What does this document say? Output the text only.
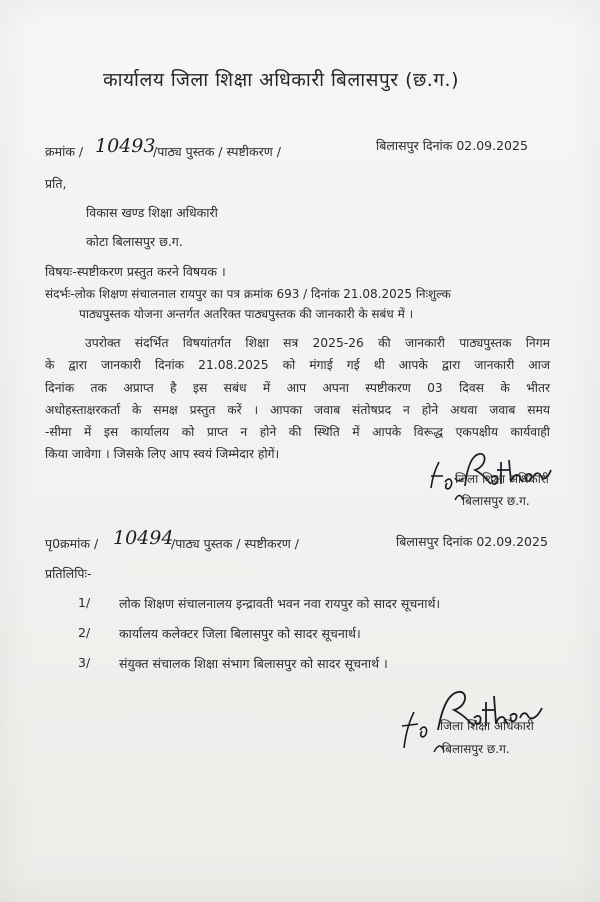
कार्यालय जिला शिक्षा अधिकारी बिलासपुर (छ.ग.)
क्रमांक / 10493
/पाठ्य पुस्तक / स्पष्टीकरण /	बिलासपुर दिनांक 02.09.2025
प्रति,
विकास खण्ड शिक्षा अधिकारी
कोटा बिलासपुर छ.ग.
विषयः-स्पष्टीकरण प्रस्तुत करने विषयक ।
संदर्भः-लोक शिक्षण संचालनाल रायपुर का पत्र क्रमांक 693 / दिनांक 21.08.2025 निःशुल्क
पाठ्यपुस्तक योजना अन्तर्गत अतरिक्त पाठ्यपुस्तक की जानकारी के सबंध में ।
उपरोक्त संदर्भित विषयांतर्गत शिक्षा सत्र 2025-26 की जानकारी पाठ्यपुस्तक निगम
के द्वारा जानकारी दिनांक 21.08.2025 को मंगाई गई थी आपके द्वारा जानकारी आज
दिनांक तक अप्राप्त है इस सबंध में आप अपना स्पष्टीकरण 03 दिवस के भीतर
अधोहस्ताक्षरकर्ता के समक्ष प्रस्तुत करें । आपका जवाब संतोषप्रद न होने अथवा जवाब समय
-सीमा में इस कार्यालय को प्राप्त न होने की स्थिति में आपके विरूद्ध एकपक्षीय कार्यवाही
किया जावेगा । जिसके लिए आप स्वयं जिम्मेदार होगें।
जिला शिक्षा अधिकारी
बिलासपुर छ.ग.
पृ0क्रमांक / 10494
/पाठ्य पुस्तक / स्पष्टीकरण /	बिलासपुर दिनांक 02.09.2025
प्रतिलिपिः-
1/ लोक शिक्षण संचालनालय इन्द्रावती भवन नवा रायपुर को सादर सूचनार्थ।
2/ कार्यालय कलेक्टर जिला बिलासपुर को सादर सूचनार्थ।
3/ संयुक्त संचालक शिक्षा संभाग बिलासपुर को सादर सूचनार्थ ।
जिला शिक्षा अधिकारी
बिलासपुर छ.ग.
